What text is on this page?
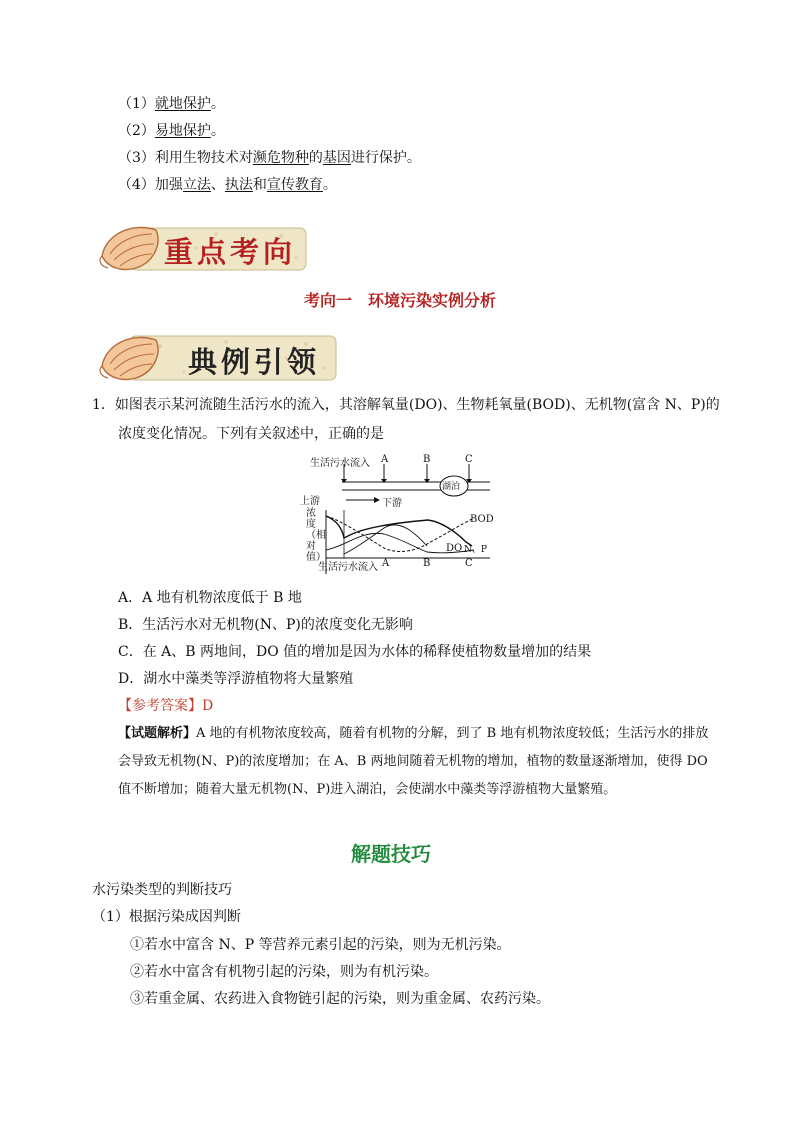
（1）就地保护。
（2）易地保护。
（3）利用生物技术对濒危物种的基因进行保护。
（4）加强立法、执法和宣传教育。
重点考向
考向一　环境污染实例分析
典例引领
1．如图表示某河流随生活污水的流入，其溶解氧量(DO)、生物耗氧量(BOD)、无机物(富含 N、P)的
浓度变化情况。下列有关叙述中，正确的是
生活污水流入 A	B	C
湖泊
上游	下游
浓度（相对值）
BOD
DO N、P
生活污水流入 A	B	C
A．A 地有机物浓度低于 B 地
B．生活污水对无机物(N、P)的浓度变化无影响
C．在 A、B 两地间，DO 值的增加是因为水体的稀释使植物数量增加的结果
D．湖水中藻类等浮游植物将大量繁殖
【参考答案】D
【试题解析】A 地的有机物浓度较高，随着有机物的分解，到了 B 地有机物浓度较低；生活污水的排放会导致无机物(N、P)的浓度增加；在 A、B 两地间随着无机物的增加，植物的数量逐渐增加，使得 DO 值不断增加；随着大量无机物(N、P)进入湖泊，会使湖水中藻类等浮游植物大量繁殖。
解题技巧
水污染类型的判断技巧
（1）根据污染成因判断
①若水中富含 N、P 等营养元素引起的污染，则为无机污染。
②若水中富含有机物引起的污染，则为有机污染。
③若重金属、农药进入食物链引起的污染，则为重金属、农药污染。
